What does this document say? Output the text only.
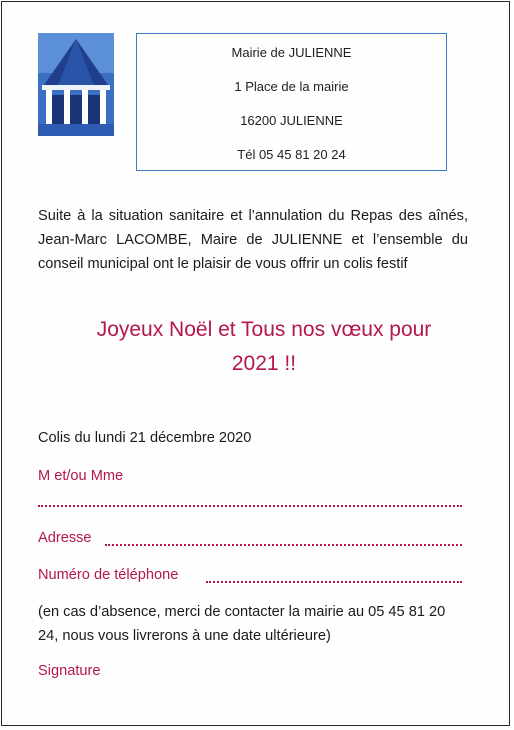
Mairie de JULIENNE
1 Place de la mairie
16200 JULIENNE
Tél 05 45 81 20 24
Suite à la situation sanitaire et l’annulation du Repas des aînés, Jean-Marc LACOMBE, Maire de JULIENNE et l’ensemble du conseil municipal ont le plaisir de vous offrir un colis festif
Joyeux Noël et Tous nos vœux pour
2021 !!
Colis du lundi 21 décembre 2020
M et/ou Mme
Adresse
Numéro de téléphone
(en cas d’absence, merci de contacter la mairie au 05 45 81 20 24, nous vous livrerons à une date ultérieure)
Signature
